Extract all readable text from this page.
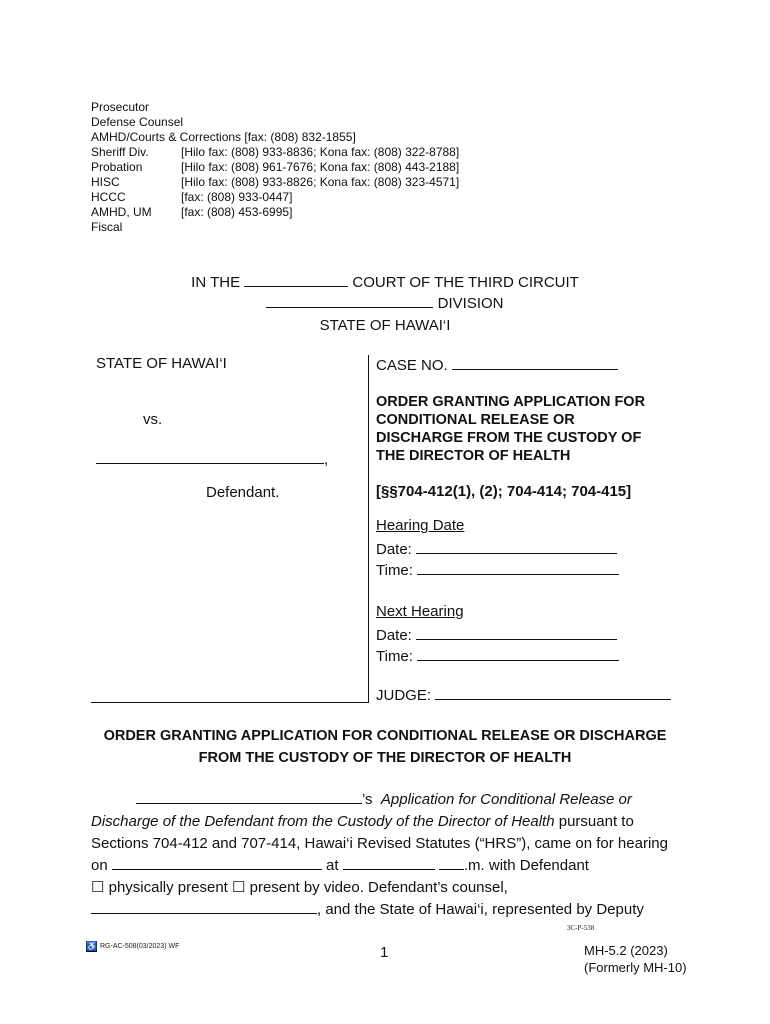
Prosecutor
Defense Counsel
AMHD/Courts & Corrections [fax: (808) 832-1855]
Sheriff Div.	[Hilo fax: (808) 933-8836; Kona fax: (808) 322-8788]
Probation	[Hilo fax: (808) 961-7676; Kona fax: (808) 443-2188]
HISC	[Hilo fax: (808) 933-8826; Kona fax: (808) 323-4571]
HCCC	[fax: (808) 933-0447]
AMHD, UM	[fax: (808) 453-6995]
Fiscal
IN THE	COURT OF THE THIRD CIRCUIT
DIVISION
STATE OF HAWAI‘I
STATE OF HAWAI‘I
vs.
,
Defendant.
CASE NO.
ORDER GRANTING APPLICATION FOR
CONDITIONAL RELEASE OR
DISCHARGE FROM THE CUSTODY OF
THE DIRECTOR OF HEALTH
[§§704-412(1), (2); 704-414; 704-415]
Hearing Date
Date:
Time:
Next Hearing
Date:
Time:
JUDGE:
ORDER GRANTING APPLICATION FOR CONDITIONAL RELEASE OR DISCHARGE
FROM THE CUSTODY OF THE DIRECTOR OF HEALTH
’s Application for Conditional Release or
Discharge of the Defendant from the Custody of the Director of Health pursuant to
Sections 704-412 and 707-414, Hawai‘i Revised Statutes (“HRS”), came on for hearing
on	at	.m. with Defendant
☐ physically present ☐ present by video. Defendant’s counsel,
, and the State of Hawai‘i, represented by Deputy
3C-P-538
♿ RG-AC-508(03/2023) WF	1	MH-5.2 (2023)
(Formerly MH-10)
